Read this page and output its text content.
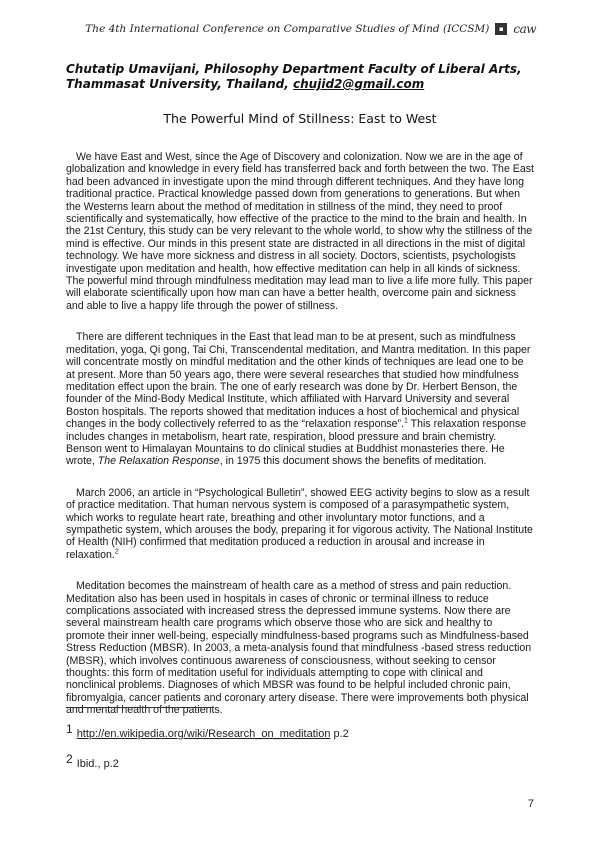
The 4th International Conference on Comparative Studies of Mind (ICCSM) caw
Chutatip Umavijani, Philosophy Department Faculty of Liberal Arts, Thammasat University, Thailand, chujid2@gmail.com
The Powerful Mind of Stillness: East to West

We have East and West, since the Age of Discovery and colonization. Now we are in the age of globalization and knowledge in every field has transferred back and forth between the two. The East had been advanced in investigate upon the mind through different techniques. And they have long traditional practice. Practical knowledge passed down from generations to generations. But when the Westerns learn about the method of meditation in stillness of the mind, they need to proof scientifically and systematically, how effective of the practice to the mind to the brain and health. In the 21st Century, this study can be very relevant to the whole world, to show why the stillness of the mind is effective. Our minds in this present state are distracted in all directions in the mist of digital technology. We have more sickness and distress in all society. Doctors, scientists, psychologists investigate upon meditation and health, how effective meditation can help in all kinds of sickness. The powerful mind through mindfulness meditation may lead man to live a life more fully. This paper will elaborate scientifically upon how man can have a better health, overcome pain and sickness and able to live a happy life through the power of stillness.

There are different techniques in the East that lead man to be at present, such as mindfulness meditation, yoga, Qi gong, Tai Chi, Transcendental meditation, and Mantra meditation. In this paper will concentrate mostly on mindful meditation and the other kinds of techniques are lead one to be at present. More than 50 years ago, there were several researches that studied how mindfulness meditation effect upon the brain. The one of early research was done by Dr. Herbert Benson, the founder of the Mind-Body Medical Institute, which affiliated with Harvard University and several Boston hospitals. The reports showed that meditation induces a host of biochemical and physical changes in the body collectively referred to as the “relaxation response”.$^1$ This relaxation response includes changes in metabolism, heart rate, respiration, blood pressure and brain chemistry. Benson went to Himalayan Mountains to do clinical studies at Buddhist monasteries there. He wrote, The Relaxation Response, in 1975 this document shows the benefits of meditation.

March 2006, an article in “Psychological Bulletin”, showed EEG activity begins to slow as a result of practice meditation. That human nervous system is composed of a parasympathetic system, which works to regulate heart rate, breathing and other involuntary motor functions, and a sympathetic system, which arouses the body, preparing it for vigorous activity. The National Institute of Health (NIH) confirmed that meditation produced a reduction in arousal and increase in relaxation.$^2$

Meditation becomes the mainstream of health care as a method of stress and pain reduction. Meditation also has been used in hospitals in cases of chronic or terminal illness to reduce complications associated with increased stress the depressed immune systems. Now there are several mainstream health care programs which observe those who are sick and healthy to promote their inner well-being, especially mindfulness-based programs such as Mindfulness-based Stress Reduction (MBSR). In 2003, a meta-analysis found that mindfulness -based stress reduction (MBSR), which involves continuous awareness of consciousness, without seeking to censor thoughts: this form of meditation useful for individuals attempting to cope with clinical and nonclinical problems. Diagnoses of which MBSR was found to be helpful included chronic pain, fibromyalgia, cancer patients and coronary artery disease. There were improvements both physical and mental health of the patients.

1 http://en.wikipedia.org/wiki/Research_on_meditation p.2
2 Ibid., p.2
7
